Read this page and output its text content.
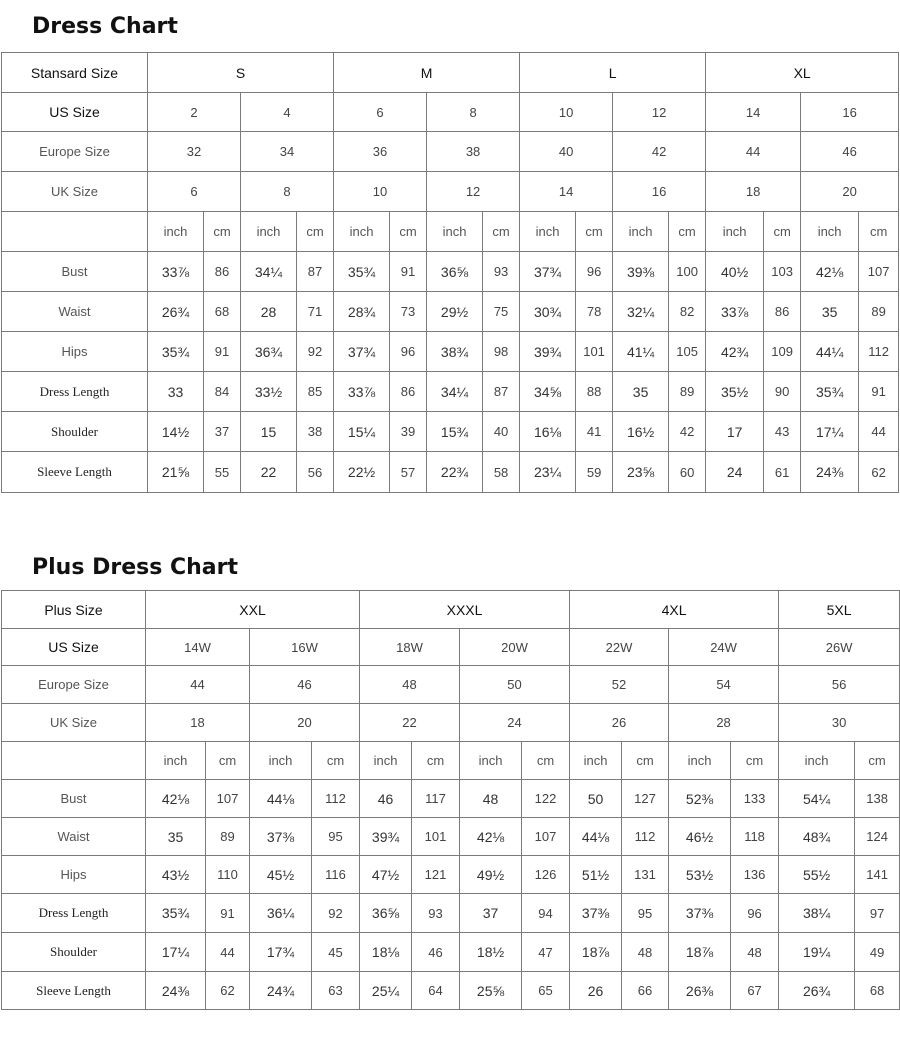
Dress Chart
Stansard Size	S				M				L				XL			
US Size	2		4		6		8		10		12		14		16	
Europe Size	32		34		36		38		40		42		44		46	
UK Size	6		8		10		12		14		16		18		20	
	inch	cm	inch	cm	inch	cm	inch	cm	inch	cm	inch	cm	inch	cm	inch	cm
Bust	33⅞	86	34¼	87	35¾	91	36⅝	93	37¾	96	39⅜	100	40½	103	42⅛	107
Waist	26¾	68	28	71	28¾	73	29½	75	30¾	78	32¼	82	33⅞	86	35	89
Hips	35¾	91	36¾	92	37¾	96	38¾	98	39¾	101	41¼	105	42¾	109	44¼	112
Dress Length	33	84	33½	85	33⅞	86	34¼	87	34⅝	88	35	89	35½	90	35¾	91
Shoulder	14½	37	15	38	15¼	39	15¾	40	16⅛	41	16½	42	17	43	17¼	44
Sleeve Length	21⅝	55	22	56	22½	57	22¾	58	23¼	59	23⅝	60	24	61	24⅜	62
Plus Dress Chart
Plus Size	XXL				XXXL				4XL				5XL	
US Size	14W		16W		18W		20W		22W		24W		26W	
Europe Size	44		46		48		50		52		54		56	
UK Size	18		20		22		24		26		28		30	
	inch	cm	inch	cm	inch	cm	inch	cm	inch	cm	inch	cm	inch	cm
Bust	42⅛	107	44⅛	112	46	117	48	122	50	127	52⅜	133	54¼	138
Waist	35	89	37⅜	95	39¾	101	42⅛	107	44⅛	112	46½	118	48¾	124
Hips	43½	110	45½	116	47½	121	49½	126	51½	131	53½	136	55½	141
Dress Length	35¾	91	36¼	92	36⅝	93	37	94	37⅜	95	37⅜	96	38¼	97
Shoulder	17¼	44	17¾	45	18⅛	46	18½	47	18⅞	48	18⅞	48	19¼	49
Sleeve Length	24⅜	62	24¾	63	25¼	64	25⅝	65	26	66	26⅜	67	26¾	68
